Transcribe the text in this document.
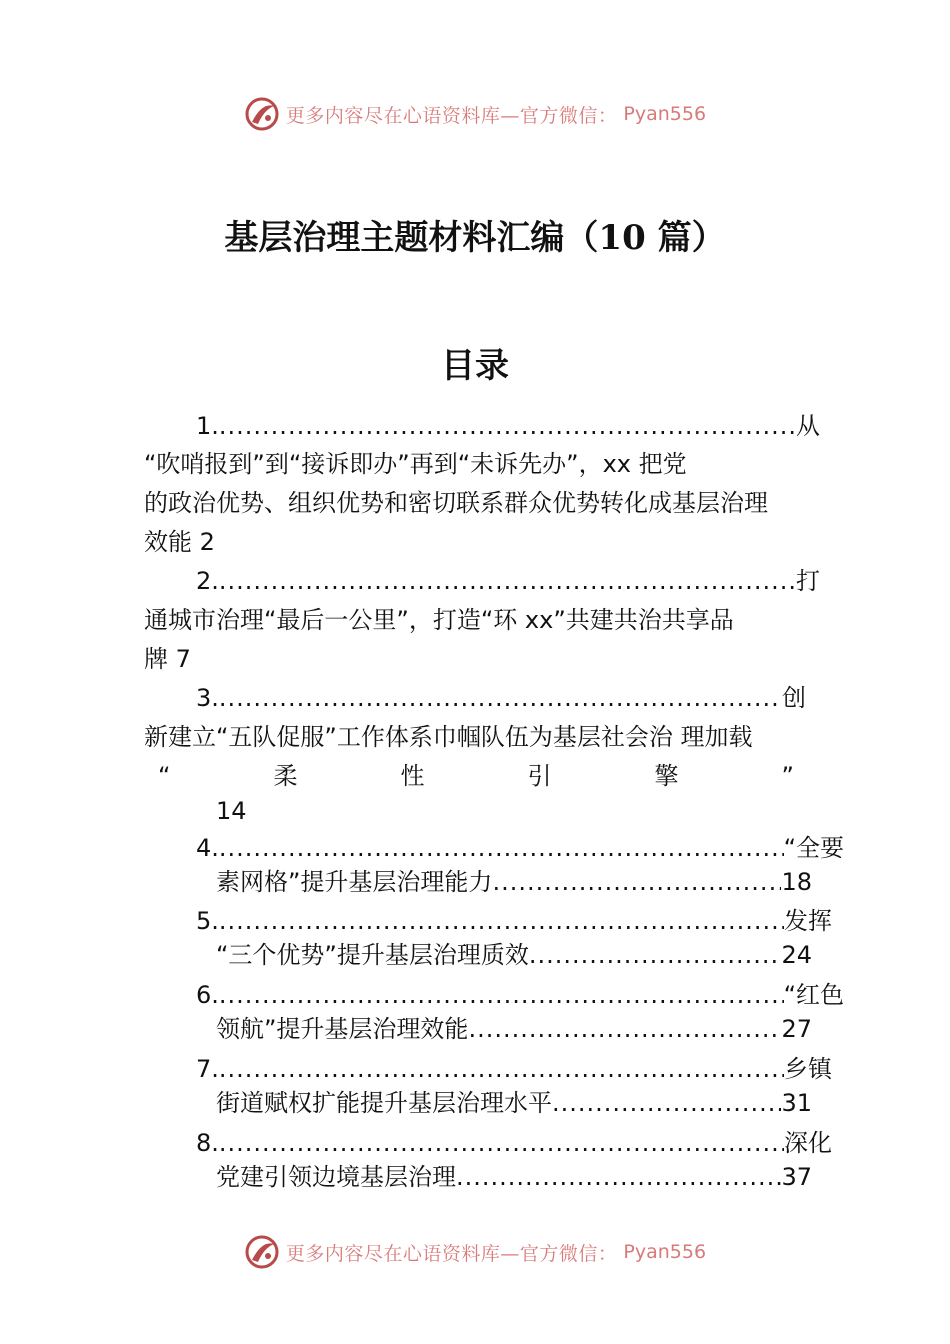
更多内容尽在心语资料库—官方微信： Pyan556
基层治理主题材料汇编（10 篇）
目录
1. .....	从
“吹哨报到”到“接诉即办”再到“未诉先办”，xx 把党
的政治优势、组织优势和密切联系群众优势转化成基层治理
效能 2
2. .....	打
通城市治理“最后一公里”，打造“环 xx”共建共治共享品
牌 7
3. .....	创
新建立“五队促服”工作体系巾帼队伍为基层社会治 理加载
“	柔	性	引	擎	”
14
4. .....	“全要
素网格”提升基层治理能力 .....	18
5. .....	发挥
“三个优势”提升基层治理质效 .....	24
6. .....	“红色
领航”提升基层治理效能 .....	27
7. .....	乡镇
街道赋权扩能提升基层治理水平 .....	31
8. .....	深化
党建引领边境基层治理 .....	37
更多内容尽在心语资料库—官方微信： Pyan556
